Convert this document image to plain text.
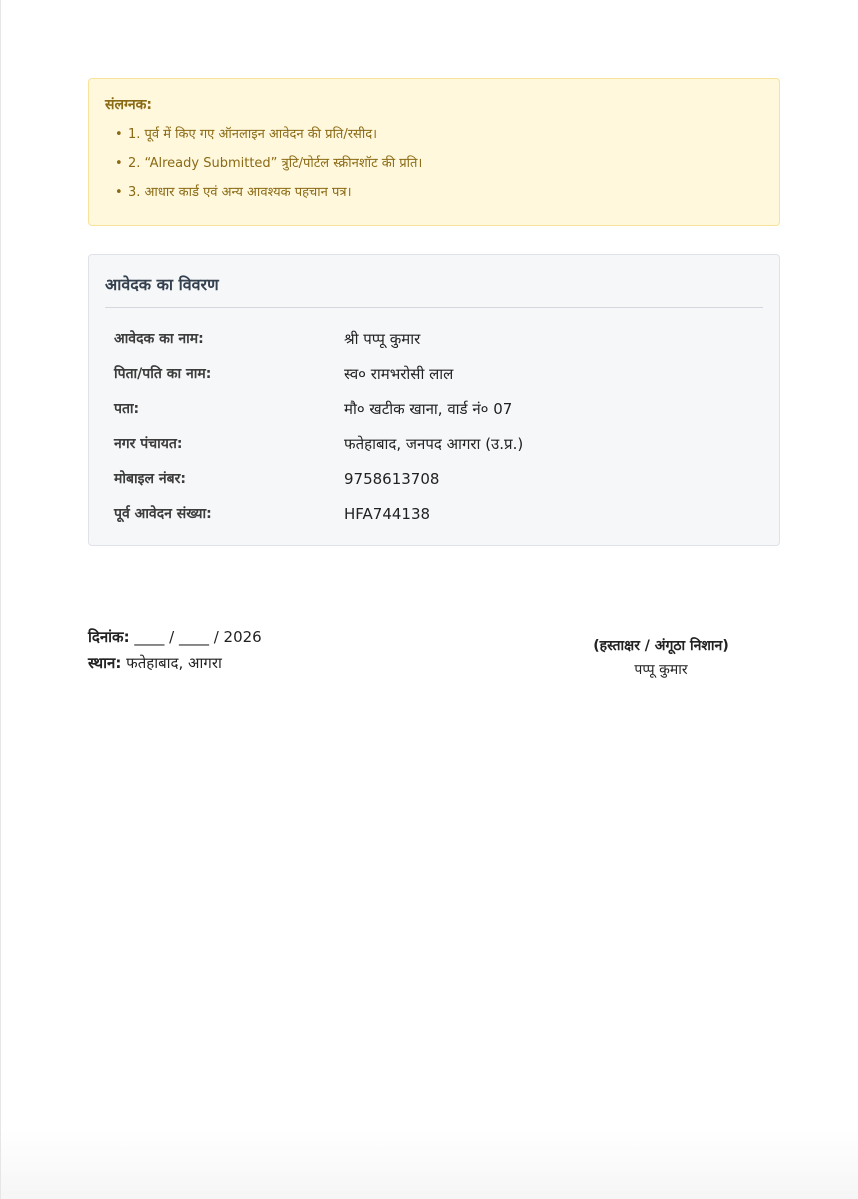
संलग्नक:
• 1. पूर्व में किए गए ऑनलाइन आवेदन की प्रति/रसीद।
• 2. “Already Submitted” त्रुटि/पोर्टल स्क्रीनशॉट की प्रति।
• 3. आधार कार्ड एवं अन्य आवश्यक पहचान पत्र।
आवेदक का विवरण
आवेदक का नाम:	श्री पप्पू कुमार
पिता/पति का नाम:	स्व० रामभरोसी लाल
पता:	मौ० खटीक खाना, वार्ड नं० 07
नगर पंचायत:	फतेहाबाद, जनपद आगरा (उ.प्र.)
मोबाइल नंबर:	9758613708
पूर्व आवेदन संख्या:	HFA744138
दिनांक: ____ / ____ / 2026
स्थान: फतेहाबाद, आगरा
(हस्ताक्षर / अंगूठा निशान)
पप्पू कुमार
